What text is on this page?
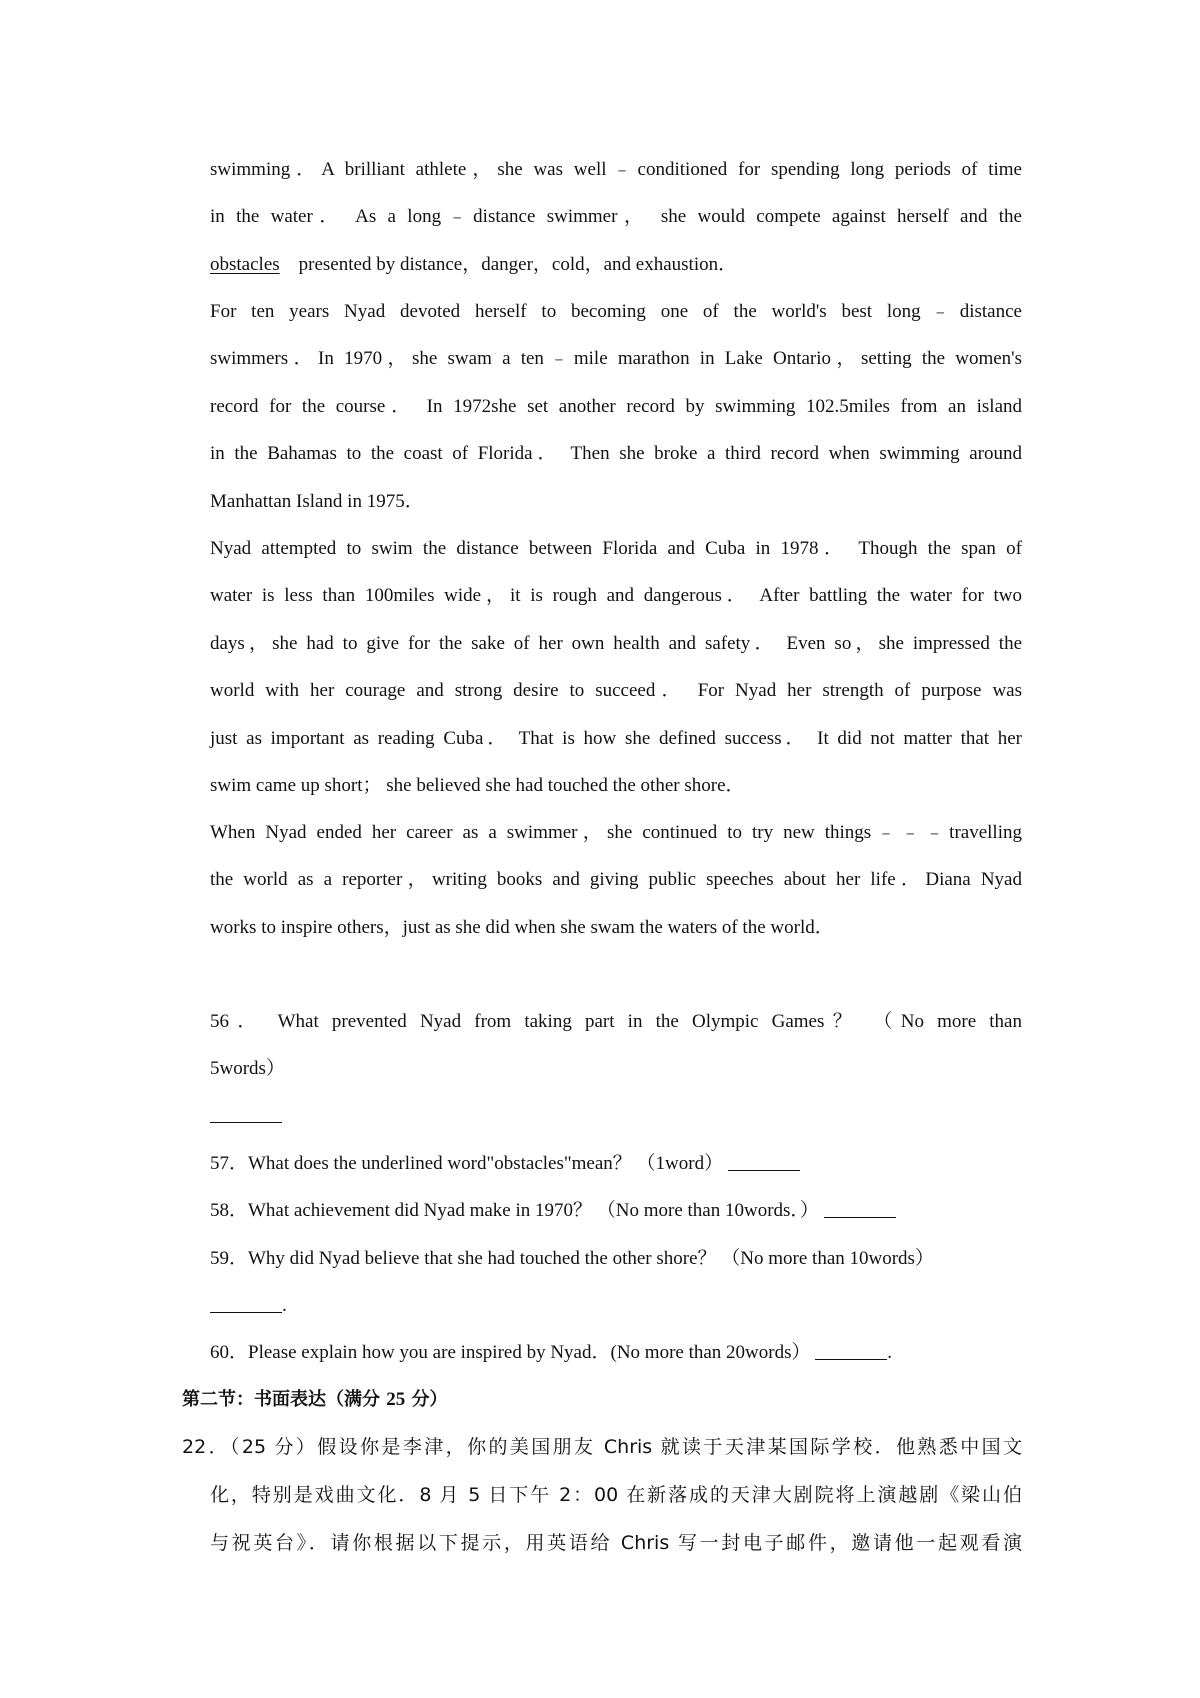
swimming．A brilliant athlete，she was well﹣conditioned for spending long periods of time
in the water． As a long﹣distance swimmer， she would compete against herself and the
obstacles presented by distance，danger，cold，and exhaustion．
For ten years Nyad devoted herself to becoming one of the world's best long﹣distance
swimmers．In 1970，she swam a ten﹣mile marathon in Lake Ontario，setting the women's
record for the course． In 1972she set another record by swimming 102.5miles from an island
in the Bahamas to the coast of Florida． Then she broke a third record when swimming around
Manhattan Island in 1975．
Nyad attempted to swim the distance between Florida and Cuba in 1978． Though the span of
water is less than 100miles wide，it is rough and dangerous． After battling the water for two
days，she had to give for the sake of her own health and safety． Even so，she impressed the
world with her courage and strong desire to succeed． For Nyad her strength of purpose was
just as important as reading Cuba． That is how she defined success． It did not matter that her
swim came up short； she believed she had touched the other shore．
When Nyad ended her career as a swimmer，she continued to try new things﹣﹣﹣travelling
the world as a reporter，writing books and giving public speeches about her life．Diana Nyad
works to inspire others，just as she did when she swam the waters of the world．
56． What prevented Nyad from taking part in the Olympic Games？ （No more than
5words）
57．What does the underlined word"obstacles"mean？ （1word）
58．What achievement did Nyad make in 1970？ （No more than 10words．）
59．Why did Nyad believe that she had touched the other shore？ （No more than 10words）
.
60．Please explain how you are inspired by Nyad．(No more than 20words）	.
第二节：书面表达（满分 25 分）
22．（25 分）假设你是李津，你的美国朋友 Chris 就读于天津某国际学校．他熟悉中国文
化，特别是戏曲文化．8 月 5 日下午 2：00 在新落成的天津大剧院将上演越剧《梁山伯
与祝英台》．请你根据以下提示，用英语给 Chris 写一封电子邮件，邀请他一起观看演
